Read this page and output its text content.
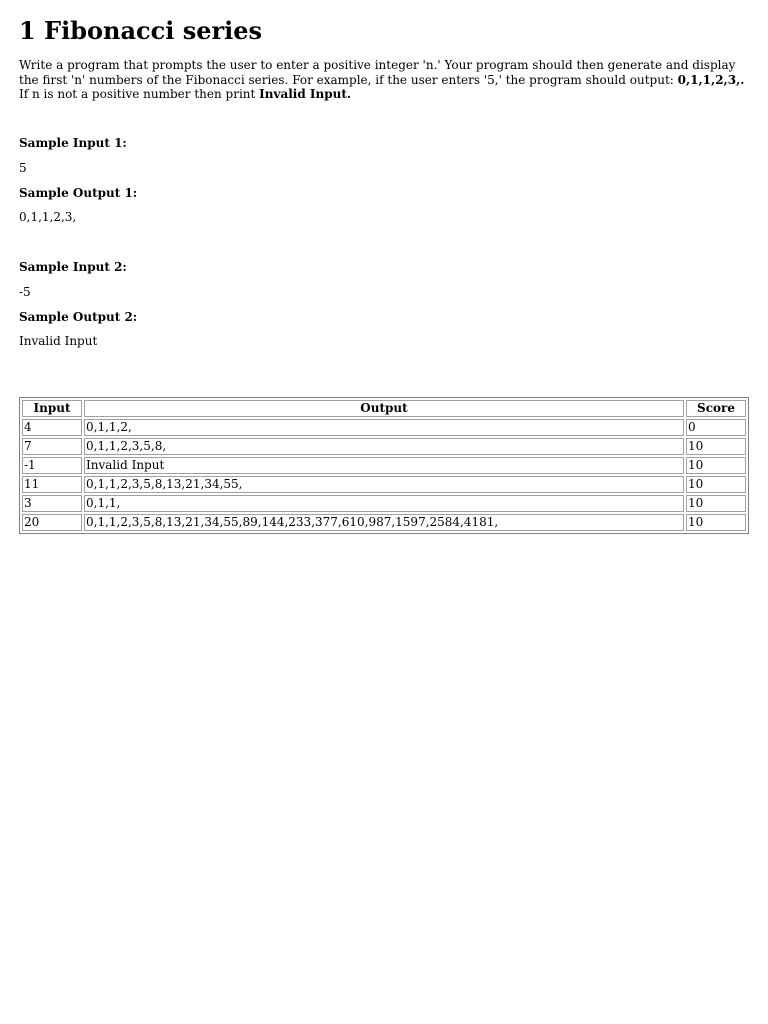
1 Fibonacci series

Write a program that prompts the user to enter a positive integer 'n.' Your program should then generate and display the first 'n' numbers of the Fibonacci series. For example, if the user enters '5,' the program should output: 0,1,1,2,3,. If n is not a positive number then print Invalid Input.

Sample Input 1:

5

Sample Output 1:

0,1,1,2,3,

Sample Input 2:

-5

Sample Output 2:

Invalid Input

Input	Output	Score
4	0,1,1,2,	0
7	0,1,1,2,3,5,8,	10
-1	Invalid Input	10
11	0,1,1,2,3,5,8,13,21,34,55,	10
3	0,1,1,	10
20	0,1,1,2,3,5,8,13,21,34,55,89,144,233,377,610,987,1597,2584,4181,	10
